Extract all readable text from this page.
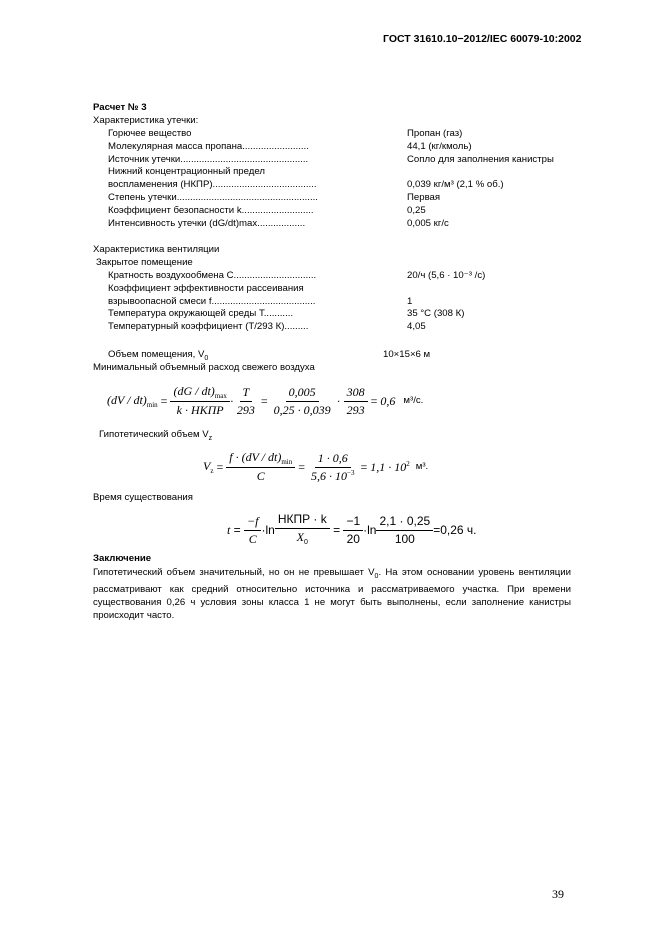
ГОСТ 31610.10−2012/IEC 60079-10:2002
Расчет № 3
Характеристика утечки:
Горючее вещество	Пропан (газ)
Молекулярная масса пропана.........................	44,1 (кг/кмоль)
Источник утечки................................................	Сопло для заполнения канистры
Нижний концентрационный предел
воспламенения (НКПР).......................................	0,039 кг/м³ (2,1 % об.)
Степень утечки.....................................................	Первая
Коэффициент безопасности k...........................	0,25
Интенсивность утечки (dG/dt)max..................	0,005 кг/с
Характеристика вентиляции
Закрытое помещение
Кратность воздухообмена C...............................	20/ч (5,6 · 10⁻³ /с)
Коэффициент эффективности рассеивания
взрывоопасной смеси f.......................................	1
Температура окружающей среды Т...........	35 °С (308 К)
Температурный коэффициент (Т/293 К).........	4,05
Объем помещения, $V_0$	10×15×6 м
Минимальный объемный расход свежего воздуха
$(dV / dt)_{min} = \frac{(dG / dt)_{max}}{\text{k · НКПР}} \cdot \frac{T}{293} = \frac{0,005}{0,25 \cdot 0,039} \cdot \frac{308}{293} = 0,6$ м³/с.
Гипотетический объем $V_z$
$V_z = \frac{f \cdot (dV / dt)_{min}}{C} = \frac{1 \cdot 0,6}{5,6 \cdot 10^{-3}} = 1,1 \cdot 10^2$ м³.
Время существования
$t = \frac{-f}{C} \cdot \ln \frac{\text{НКПР · k}}{X_0} = \frac{-1}{20} \cdot \ln \frac{2,1 \cdot 0,25}{100} = 0,26$ ч.
Заключение
Гипотетический объем значительный, но он не превышает $V_0$. На этом основании уровень вентиляции рассматривают как средний относительно источника и рассматриваемого участка. При времени существования 0,26 ч условия зоны класса 1 не могут быть выполнены, если заполнение канистры происходит часто.
39
